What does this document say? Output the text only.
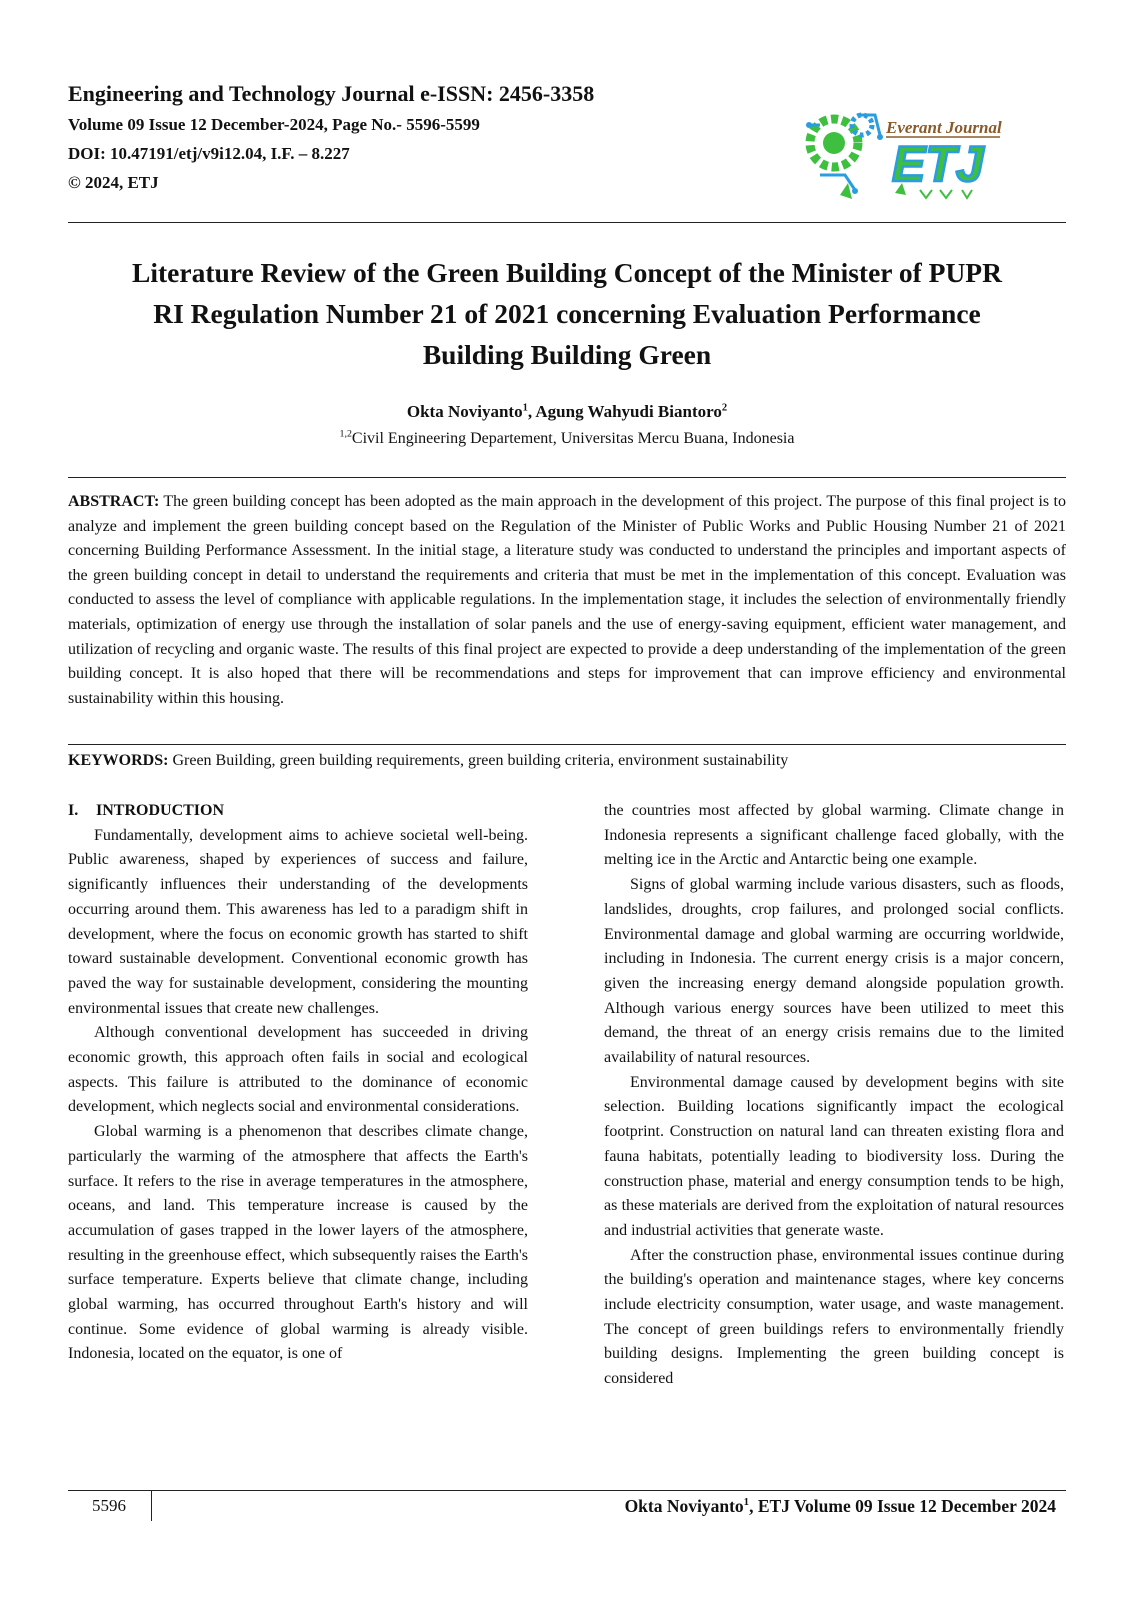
Engineering and Technology Journal e-ISSN: 2456-3358
Volume 09 Issue 12 December-2024, Page No.- 5596-5599
DOI: 10.47191/etj/v9i12.04, I.F. – 8.227
© 2024, ETJ
Everant Journal
ETJ
Literature Review of the Green Building Concept of the Minister of PUPR
RI Regulation Number 21 of 2021 concerning Evaluation Performance
Building Building Green
Okta Noviyanto$^1$, Agung Wahyudi Biantoro$^2$
$^{1,2}$Civil Engineering Departement, Universitas Mercu Buana, Indonesia

ABSTRACT: The green building concept has been adopted as the main approach in the development of this project. The purpose of this final project is to analyze and implement the green building concept based on the Regulation of the Minister of Public Works and Public Housing Number 21 of 2021 concerning Building Performance Assessment. In the initial stage, a literature study was conducted to understand the principles and important aspects of the green building concept in detail to understand the requirements and criteria that must be met in the implementation of this concept. Evaluation was conducted to assess the level of compliance with applicable regulations. In the implementation stage, it includes the selection of environmentally friendly materials, optimization of energy use through the installation of solar panels and the use of energy-saving equipment, efficient water management, and utilization of recycling and organic waste. The results of this final project are expected to provide a deep understanding of the implementation of the green building concept. It is also hoped that there will be recommendations and steps for improvement that can improve efficiency and environmental sustainability within this housing.

KEYWORDS: Green Building, green building requirements, green building criteria, environment sustainability

I. INTRODUCTION

Fundamentally, development aims to achieve societal well-being. Public awareness, shaped by experiences of success and failure, significantly influences their understanding of the developments occurring around them. This awareness has led to a paradigm shift in development, where the focus on economic growth has started to shift toward sustainable development. Conventional economic growth has paved the way for sustainable development, considering the mounting environmental issues that create new challenges.

Although conventional development has succeeded in driving economic growth, this approach often fails in social and ecological aspects. This failure is attributed to the dominance of economic development, which neglects social and environmental considerations.

Global warming is a phenomenon that describes climate change, particularly the warming of the atmosphere that affects the Earth's surface. It refers to the rise in average temperatures in the atmosphere, oceans, and land. This temperature increase is caused by the accumulation of gases trapped in the lower layers of the atmosphere, resulting in the greenhouse effect, which subsequently raises the Earth's surface temperature. Experts believe that climate change, including global warming, has occurred throughout Earth's history and will continue. Some evidence of global warming is already visible. Indonesia, located on the equator, is one of

the countries most affected by global warming. Climate change in Indonesia represents a significant challenge faced globally, with the melting ice in the Arctic and Antarctic being one example.

Signs of global warming include various disasters, such as floods, landslides, droughts, crop failures, and prolonged social conflicts. Environmental damage and global warming are occurring worldwide, including in Indonesia. The current energy crisis is a major concern, given the increasing energy demand alongside population growth. Although various energy sources have been utilized to meet this demand, the threat of an energy crisis remains due to the limited availability of natural resources.

Environmental damage caused by development begins with site selection. Building locations significantly impact the ecological footprint. Construction on natural land can threaten existing flora and fauna habitats, potentially leading to biodiversity loss. During the construction phase, material and energy consumption tends to be high, as these materials are derived from the exploitation of natural resources and industrial activities that generate waste.

After the construction phase, environmental issues continue during the building's operation and maintenance stages, where key concerns include electricity consumption, water usage, and waste management. The concept of green buildings refers to environmentally friendly building designs. Implementing the green building concept is considered

5596	Okta Noviyanto$^1$, ETJ Volume 09 Issue 12 December 2024
